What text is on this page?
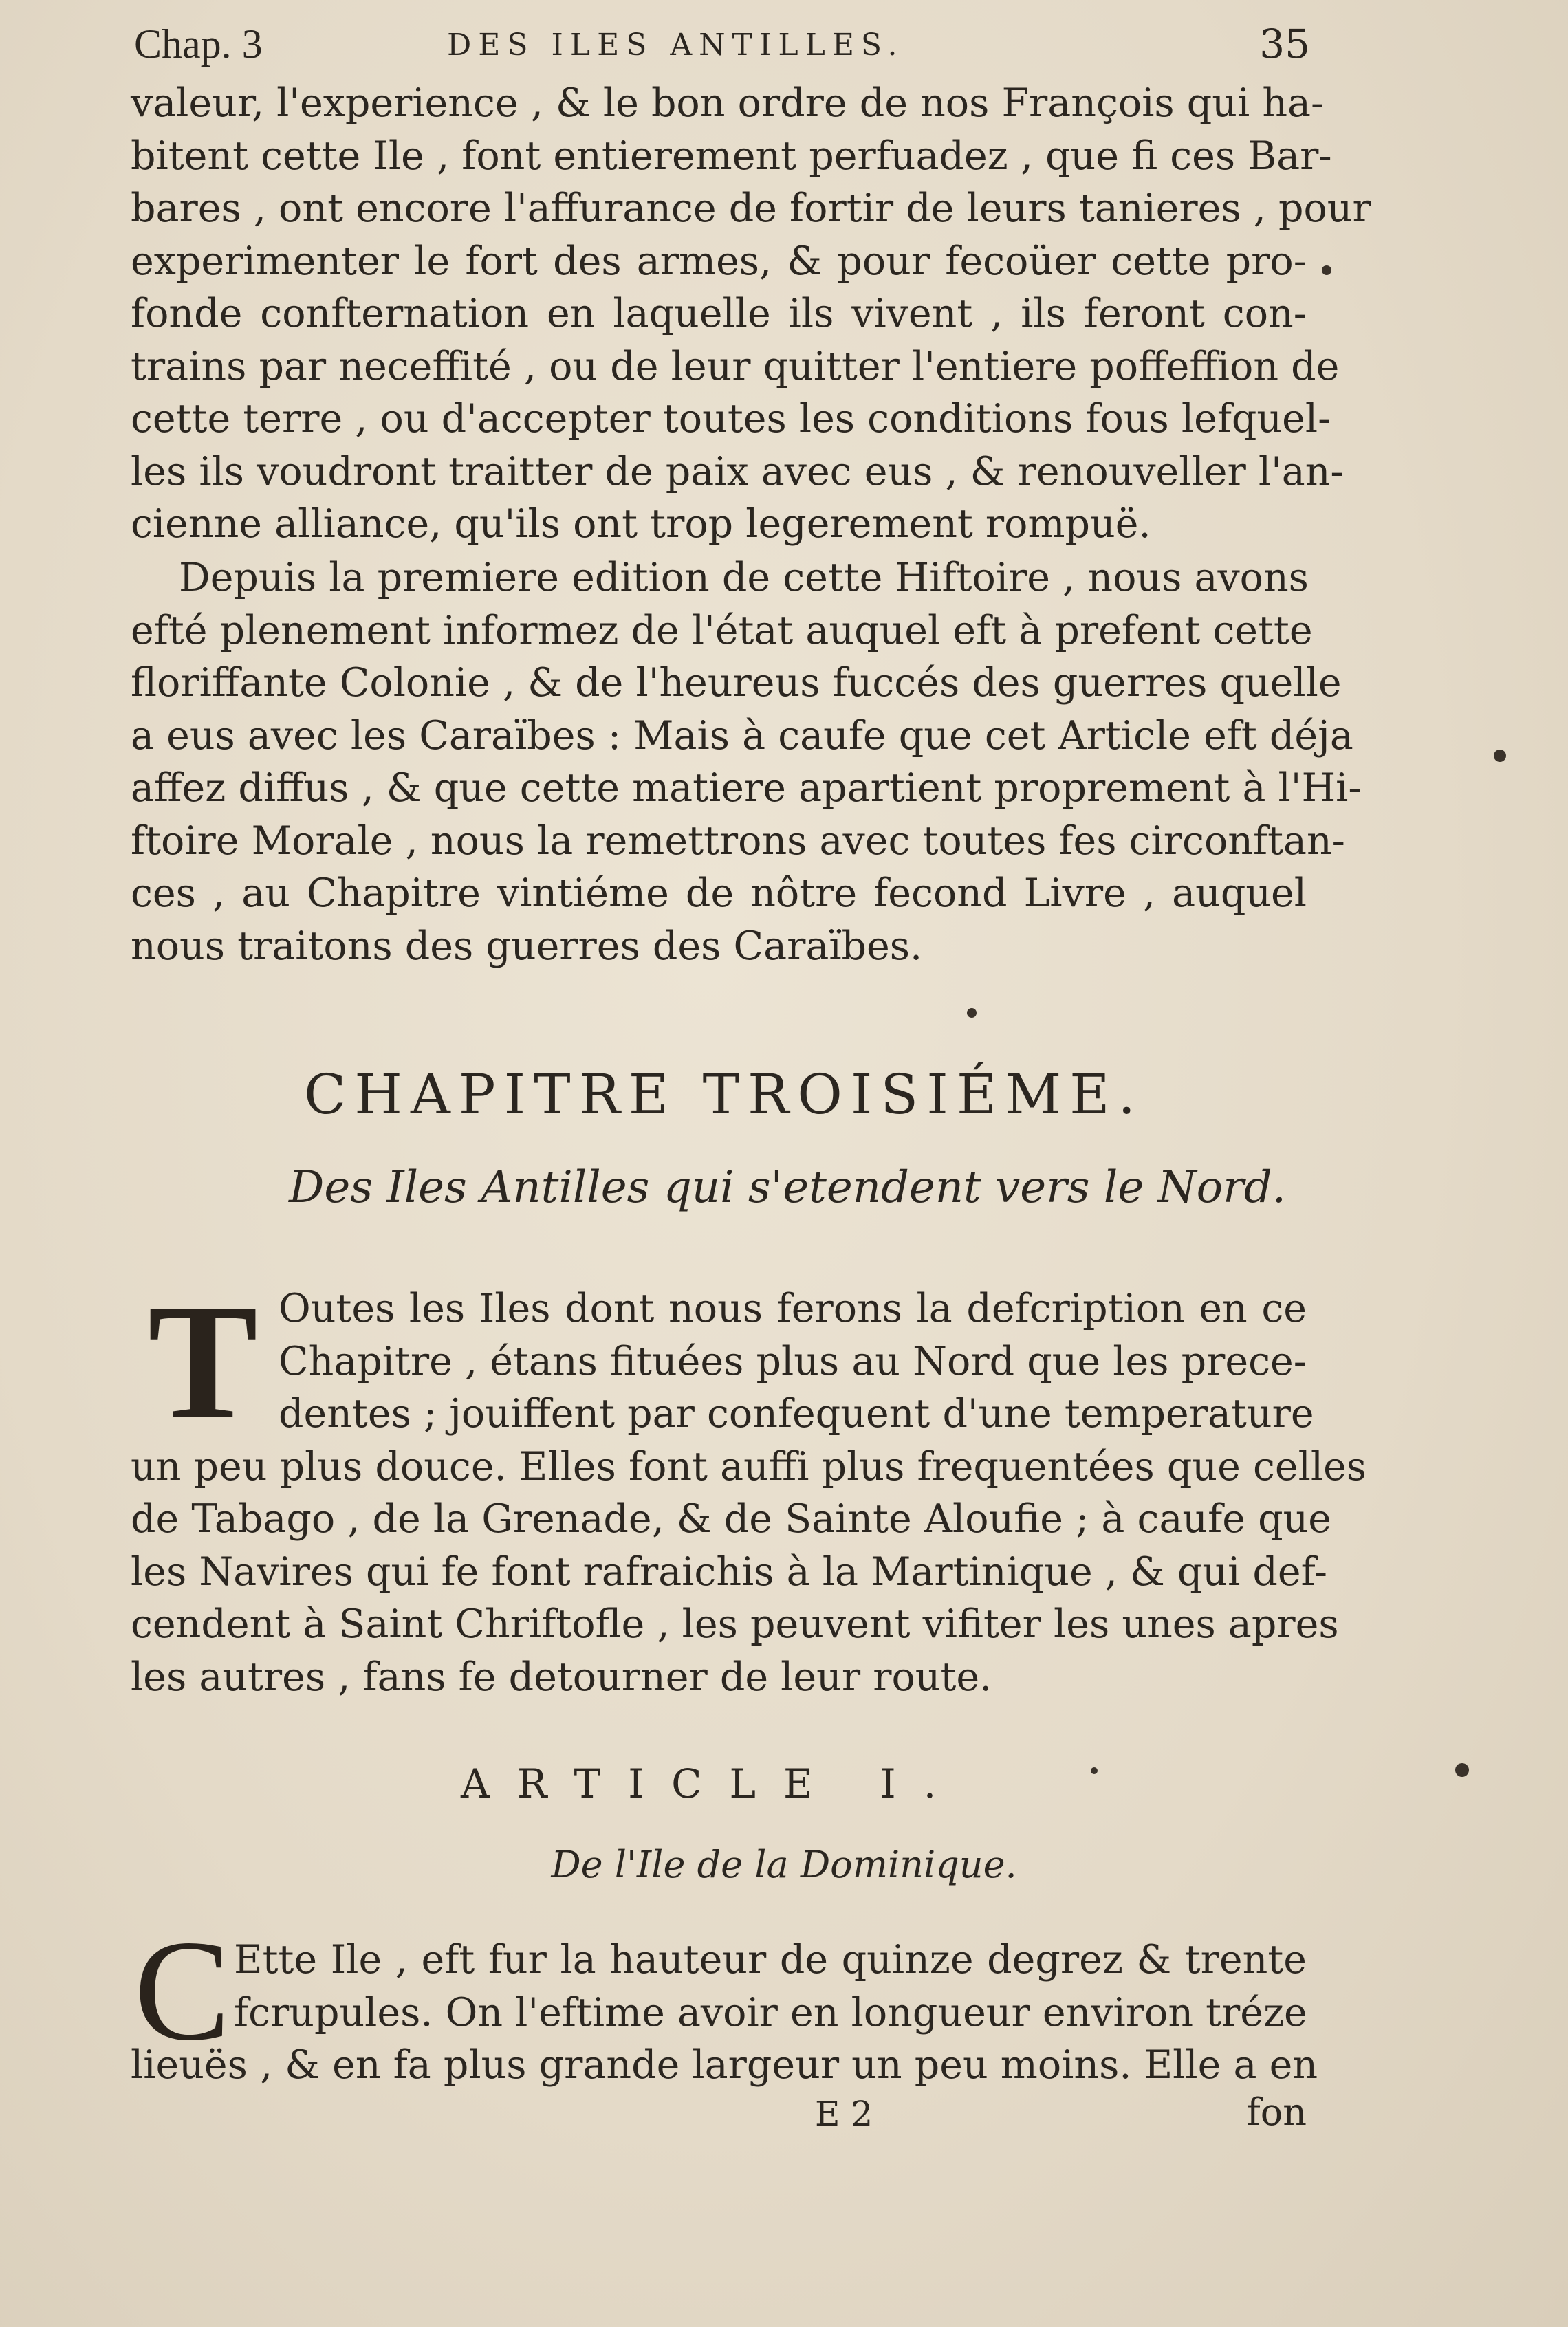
Chap. 3	DES ILES ANTILLES.	35
valeur, l'experience , & le bon ordre de nos François qui ha-
bitent cette Ile , font entierement perfuadez , que fi ces Bar-
bares , ont encore l'affurance de fortir de leurs tanieres , pour
experimenter le fort des armes, & pour fecoüer cette pro-
fonde confternation en laquelle ils vivent , ils feront con-
trains par neceffité , ou de leur quitter l'entiere poffeffion de
cette terre , ou d'accepter toutes les conditions fous lefquel-
les ils voudront traitter de paix avec eus , & renouveller l'an-
cienne alliance, qu'ils ont trop legerement rompuë.
Depuis la premiere edition de cette Hiftoire , nous avons
efté plenement informez de l'état auquel eft à prefent cette
floriffante Colonie , & de l'heureus fuccés des guerres quelle
a eus avec les Caraïbes : Mais à caufe que cet Article eft déja
affez diffus , & que cette matiere apartient proprement à l'Hi-
ftoire Morale , nous la remettrons avec toutes fes circonftan-
ces , au Chapitre vintiéme de nôtre fecond Livre , auquel
nous traitons des guerres des Caraïbes.
CHAPITRE TROISIÉME.
Des Iles Antilles qui s'etendent vers le Nord.
T Outes les Iles dont nous ferons la defcription en ce
Chapitre , étans fituées plus au Nord que les prece-
dentes ; jouiffent par confequent d'une temperature
un peu plus douce. Elles font auffi plus frequentées que celles
de Tabago , de la Grenade, & de Sainte Aloufie ; à caufe que
les Navires qui fe font rafraichis à la Martinique , & qui def-
cendent à Saint Chriftofle , les peuvent vifiter les unes apres
les autres , fans fe detourner de leur route.
ARTICLE I.
De l'Ile de la Dominique.
C Ette Ile , eft fur la hauteur de quinze degrez & trente
fcrupules. On l'eftime avoir en longueur environ tréze
lieuës , & en fa plus grande largeur un peu moins. Elle a en
E 2	fon
